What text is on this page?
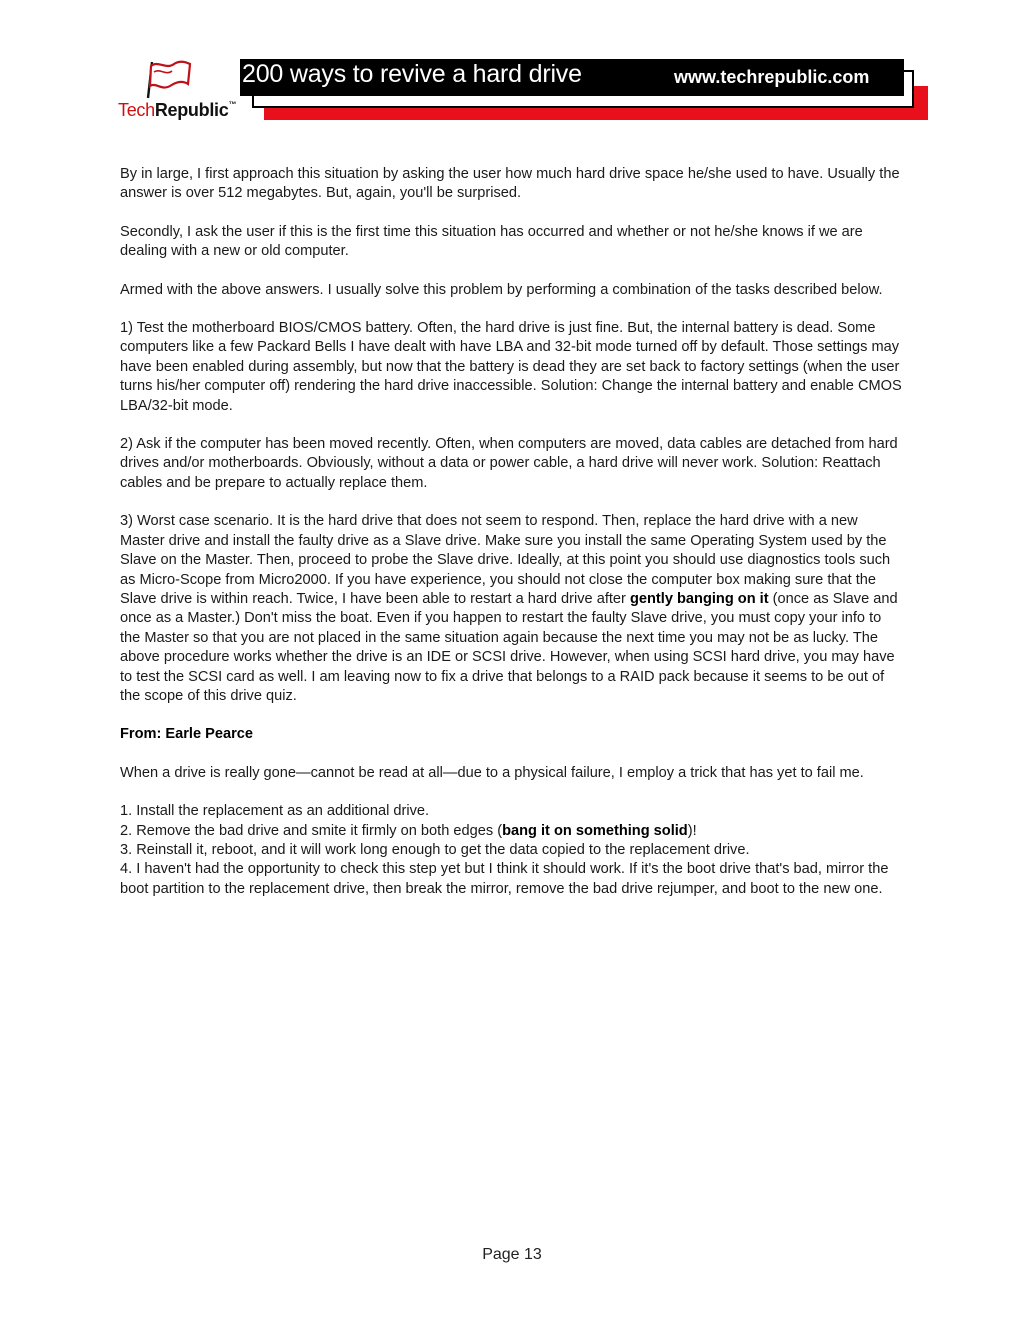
TechRepublic™
200 ways to revive a hard drive	www.techrepublic.com

By in large, I first approach this situation by asking the user how much hard drive space he/she used to have. Usually the answer is over 512 megabytes. But, again, you'll be surprised.

Secondly, I ask the user if this is the first time this situation has occurred and whether or not he/she knows if we are dealing with a new or old computer.

Armed with the above answers. I usually solve this problem by performing a combination of the tasks described below.

1) Test the motherboard BIOS/CMOS battery. Often, the hard drive is just fine. But, the internal battery is dead. Some computers like a few Packard Bells I have dealt with have LBA and 32-bit mode turned off by default. Those settings may have been enabled during assembly, but now that the battery is dead they are set back to factory settings (when the user turns his/her computer off) rendering the hard drive inaccessible. Solution: Change the internal battery and enable CMOS LBA/32-bit mode.

2) Ask if the computer has been moved recently. Often, when computers are moved, data cables are detached from hard drives and/or motherboards. Obviously, without a data or power cable, a hard drive will never work. Solution: Reattach cables and be prepare to actually replace them.

3) Worst case scenario. It is the hard drive that does not seem to respond. Then, replace the hard drive with a new Master drive and install the faulty drive as a Slave drive. Make sure you install the same Operating System used by the Slave on the Master. Then, proceed to probe the Slave drive. Ideally, at this point you should use diagnostics tools such as Micro-Scope from Micro2000. If you have experience, you should not close the computer box making sure that the Slave drive is within reach. Twice, I have been able to restart a hard drive after gently banging on it (once as Slave and once as a Master.) Don't miss the boat. Even if you happen to restart the faulty Slave drive, you must copy your info to the Master so that you are not placed in the same situation again because the next time you may not be as lucky. The above procedure works whether the drive is an IDE or SCSI drive. However, when using SCSI hard drive, you may have to test the SCSI card as well. I am leaving now to fix a drive that belongs to a RAID pack because it seems to be out of the scope of this drive quiz.

From: Earle Pearce

When a drive is really gone—cannot be read at all—due to a physical failure, I employ a trick that has yet to fail me.

1. Install the replacement as an additional drive.

2. Remove the bad drive and smite it firmly on both edges (bang it on something solid)!

3. Reinstall it, reboot, and it will work long enough to get the data copied to the replacement drive.

4. I haven't had the opportunity to check this step yet but I think it should work. If it's the boot drive that's bad, mirror the boot partition to the replacement drive, then break the mirror, remove the bad drive rejumper, and boot to the new one.

Page 13
